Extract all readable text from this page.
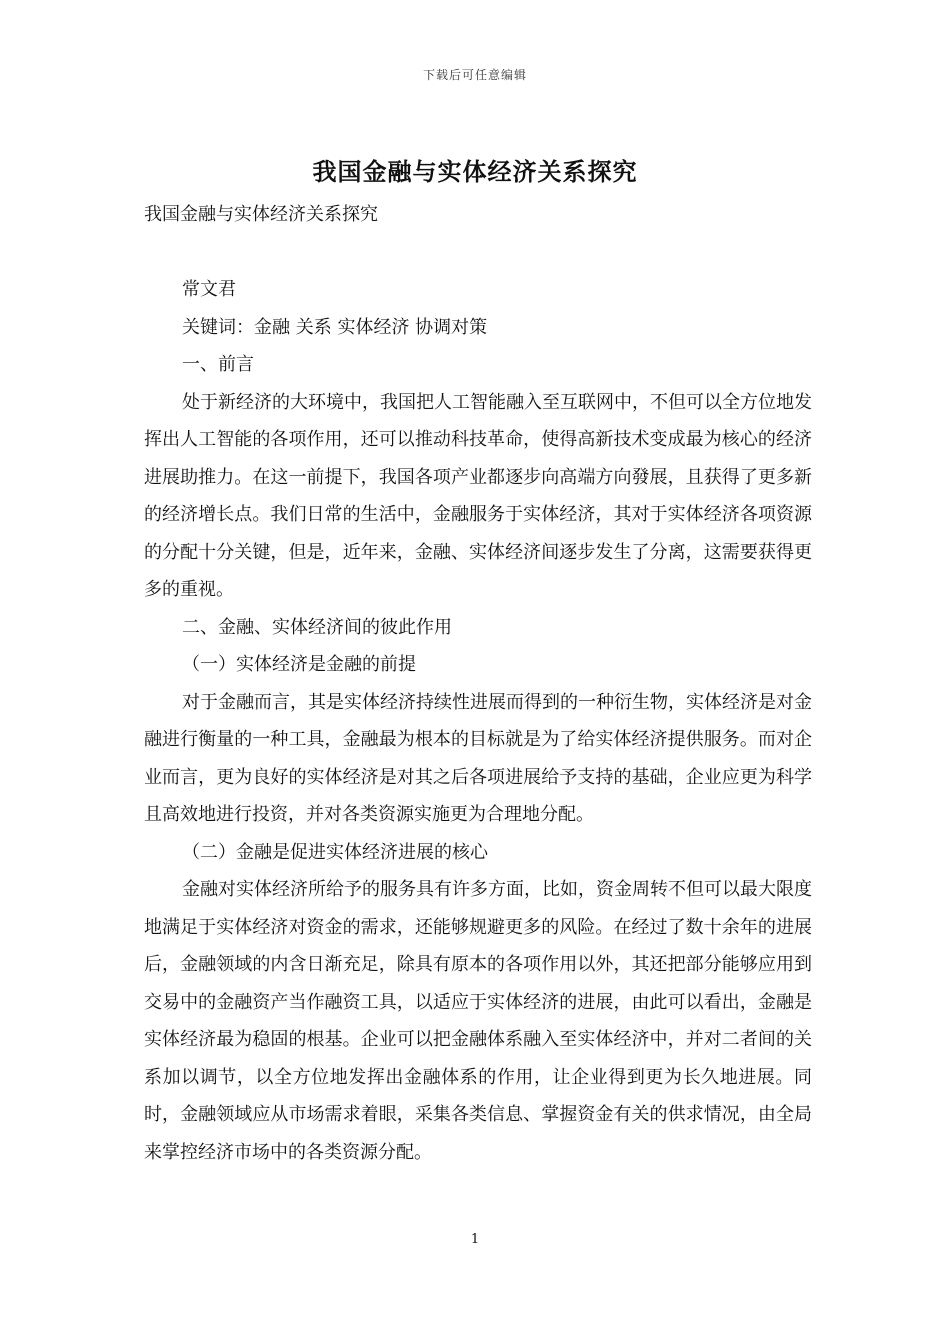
下载后可任意编辑
我国金融与实体经济关系探究

我国金融与实体经济关系探究

常文君

关键词：金融 关系 实体经济 协调对策

一、前言

处于新经济的大环境中，我国把人工智能融入至互联网中，不但可以全方位地发挥出人工智能的各项作用，还可以推动科技革命，使得高新技术变成最为核心的经济进展助推力。在这一前提下，我国各项产业都逐步向高端方向發展，且获得了更多新的经济增长点。我们日常的生活中，金融服务于实体经济，其对于实体经济各项资源的分配十分关键，但是，近年来，金融、实体经济间逐步发生了分离，这需要获得更多的重视。

二、金融、实体经济间的彼此作用

（一）实体经济是金融的前提

对于金融而言，其是实体经济持续性进展而得到的一种衍生物，实体经济是对金融进行衡量的一种工具，金融最为根本的目标就是为了给实体经济提供服务。而对企业而言，更为良好的实体经济是对其之后各项进展给予支持的基础，企业应更为科学且高效地进行投资，并对各类资源实施更为合理地分配。

（二）金融是促进实体经济进展的核心

金融对实体经济所给予的服务具有许多方面，比如，资金周转不但可以最大限度地满足于实体经济对资金的需求，还能够规避更多的风险。在经过了数十余年的进展后，金融领域的内含日渐充足，除具有原本的各项作用以外，其还把部分能够应用到交易中的金融资产当作融资工具，以适应于实体经济的进展，由此可以看出，金融是实体经济最为稳固的根基。企业可以把金融体系融入至实体经济中，并对二者间的关系加以调节，以全方位地发挥出金融体系的作用，让企业得到更为长久地进展。同时，金融领域应从市场需求着眼，采集各类信息、掌握资金有关的供求情况，由全局来掌控经济市场中的各类资源分配。

1
